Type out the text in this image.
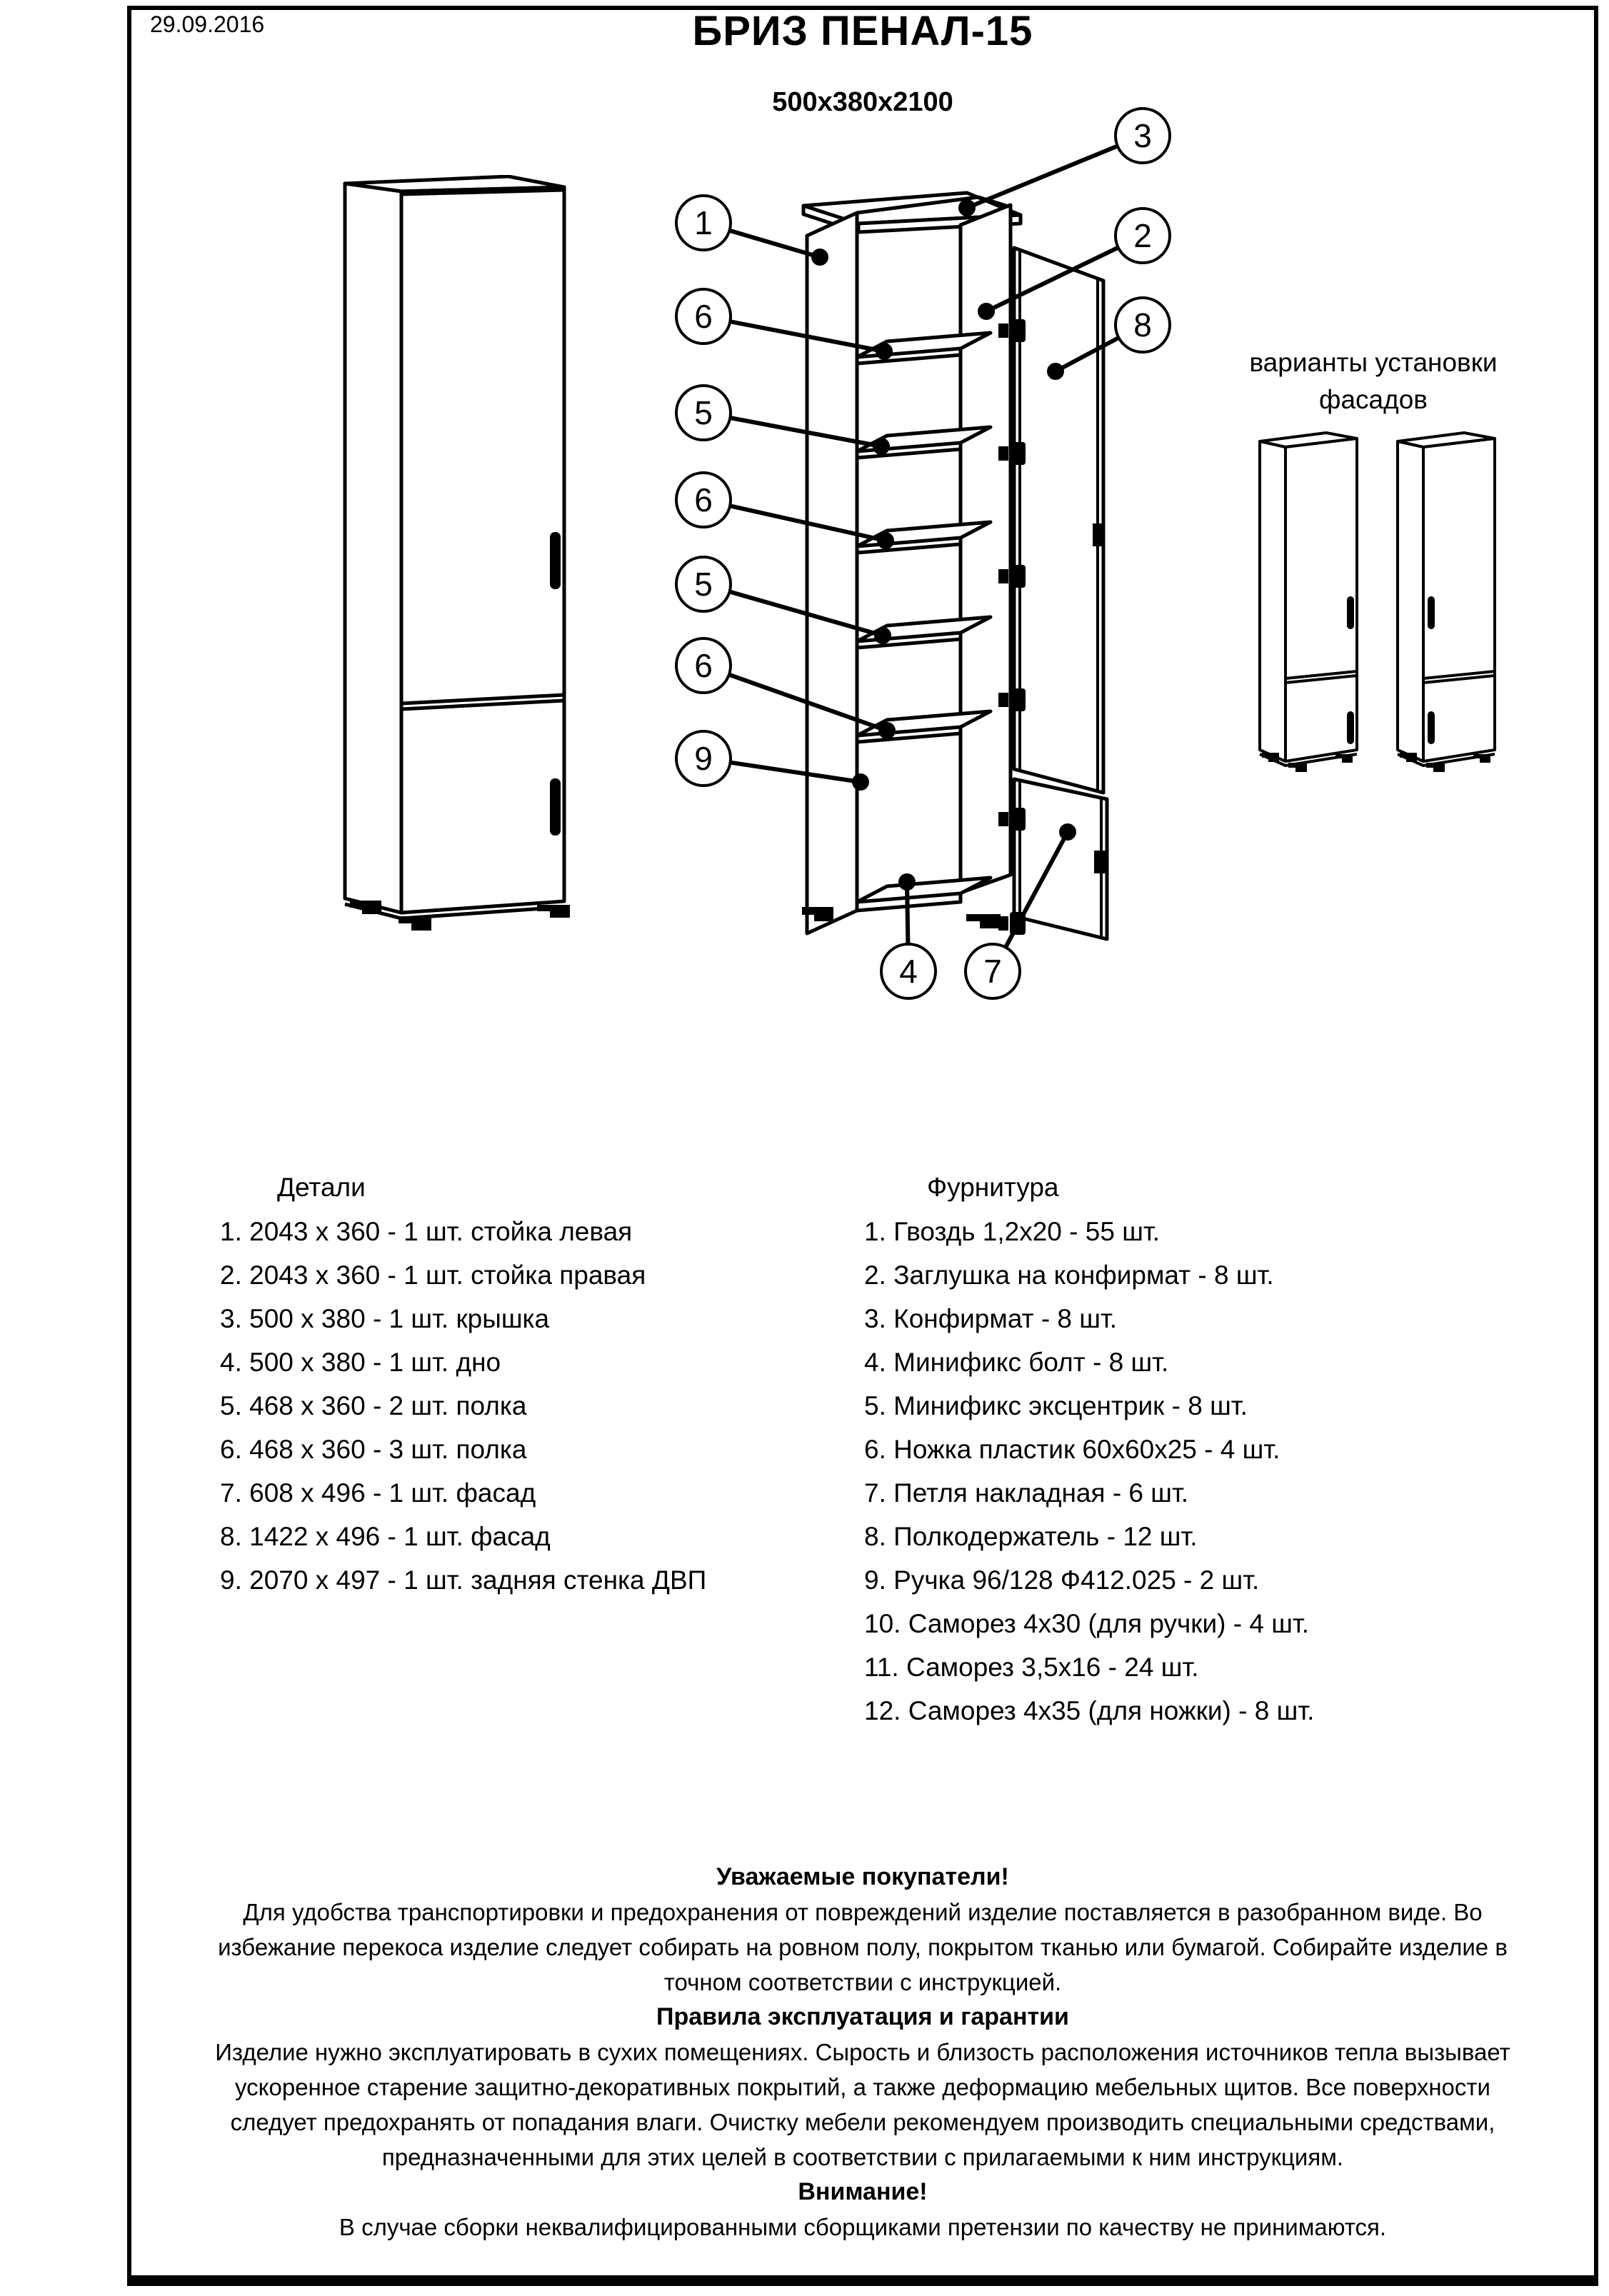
29.09.2016	БРИЗ ПЕНАЛ-15
500х380х2100
1
6
5
6
5
6
9
3
2
8
4 7
варианты установки
фасадов
Детали
1. 2043 х 360 - 1 шт. стойка левая
2. 2043 х 360 - 1 шт. стойка правая
3. 500 х 380 - 1 шт. крышка
4. 500 х 380 - 1 шт. дно
5. 468 х 360 - 2 шт. полка
6. 468 х 360 - 3 шт. полка
7. 608 х 496 - 1 шт. фасад
8. 1422 х 496 - 1 шт. фасад
9. 2070 х 497 - 1 шт. задняя стенка ДВП
Фурнитура
1. Гвоздь 1,2х20 - 55 шт.
2. Заглушка на конфирмат - 8 шт.
3. Конфирмат - 8 шт.
4. Минификс болт - 8 шт.
5. Минификс эксцентрик - 8 шт.
6. Ножка пластик 60х60х25 - 4 шт.
7. Петля накладная - 6 шт.
8. Полкодержатель - 12 шт.
9. Ручка 96/128 Ф412.025 - 2 шт.
10. Саморез 4х30 (для ручки) - 4 шт.
11. Саморез 3,5х16 - 24 шт.
12. Саморез 4х35 (для ножки) - 8 шт.
Уважаемые покупатели!
Для удобства транспортировки и предохранения от повреждений изделие поставляется в разобранном виде. Во
избежание перекоса изделие следует собирать на ровном полу, покрытом тканью или бумагой. Собирайте изделие в
точном соответствии с инструкцией.
Правила эксплуатация и гарантии
Изделие нужно эксплуатировать в сухих помещениях. Сырость и близость расположения источников тепла вызывает
ускоренное старение защитно-декоративных покрытий, а также деформацию мебельных щитов. Все поверхности
следует предохранять от попадания влаги. Очистку мебели рекомендуем производить специальными средствами,
предназначенными для этих целей в соответствии с прилагаемыми к ним инструкциям.
Внимание!
В случае сборки неквалифицированными сборщиками претензии по качеству не принимаются.
